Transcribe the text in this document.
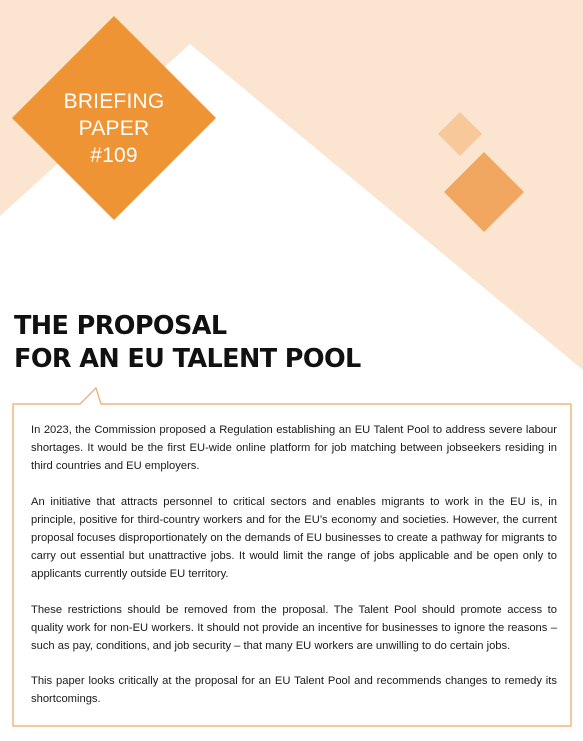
BRIEFING
PAPER
#109
THE PROPOSAL
FOR AN EU TALENT POOL

In 2023, the Commission proposed a Regulation establishing an EU Talent Pool to address severe labour shortages. It would be the first EU-wide online platform for job matching between jobseekers residing in third countries and EU employers.

An initiative that attracts personnel to critical sectors and enables migrants to work in the EU is, in principle, positive for third-country workers and for the EU’s economy and societies. However, the current proposal focuses disproportionately on the demands of EU businesses to create a pathway for migrants to carry out essential but unattractive jobs. It would limit the range of jobs applicable and be open only to applicants currently outside EU territory.

These restrictions should be removed from the proposal. The Talent Pool should promote access to quality work for non-EU workers. It should not provide an incentive for businesses to ignore the reasons – such as pay, conditions, and job security – that many EU workers are unwilling to do certain jobs.

This paper looks critically at the proposal for an EU Talent Pool and recommends changes to remedy its shortcomings.
